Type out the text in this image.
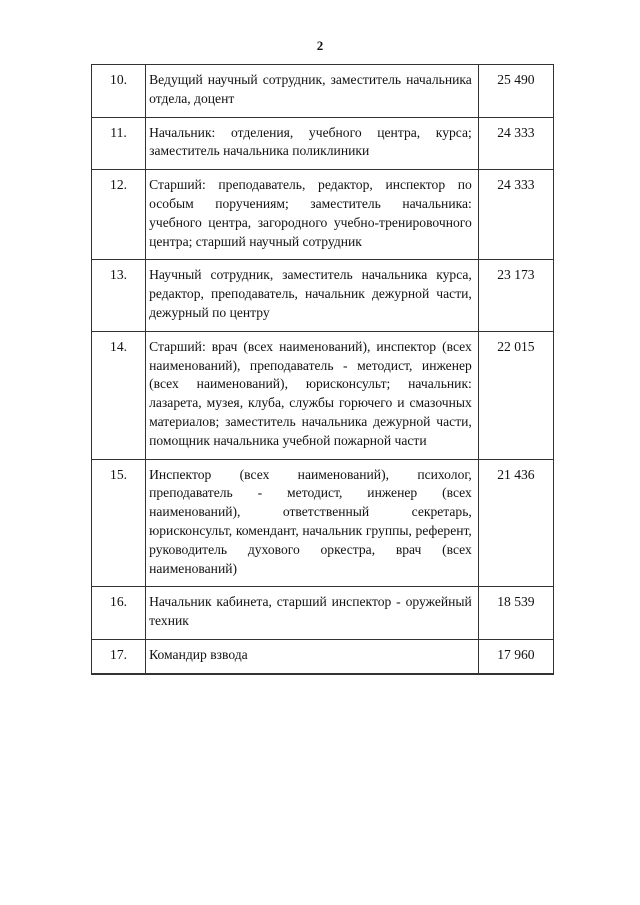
2
10.	Ведущий научный сотрудник, заместитель начальника отдела, доцент	25 490
11.	Начальник: отделения, учебного центра, курса; заместитель начальника поликлиники	24 333
12.	Старший: преподаватель, редактор, инспектор по особым поручениям; заместитель начальника: учебного центра, загородного учебно-тренировочного центра; старший научный сотрудник	24 333
13.	Научный сотрудник, заместитель начальника курса, редактор, преподаватель, начальник дежурной части, дежурный по центру	23 173
14.	Старший: врач (всех наименований), инспектор (всех наименований), преподаватель - методист, инженер (всех наименований), юрисконсульт; начальник: лазарета, музея, клуба, службы горючего и смазочных материалов; заместитель начальника дежурной части, помощник начальника учебной пожарной части	22 015
15.	Инспектор (всех наименований), психолог, преподаватель - методист, инженер (всех наименований), ответственный секретарь, юрисконсульт, комендант, начальник группы, референт, руководитель духового оркестра, врач (всех наименований)	21 436
16.	Начальник кабинета, старший инспектор - оружейный техник	18 539
17.	Командир взвода	17 960
